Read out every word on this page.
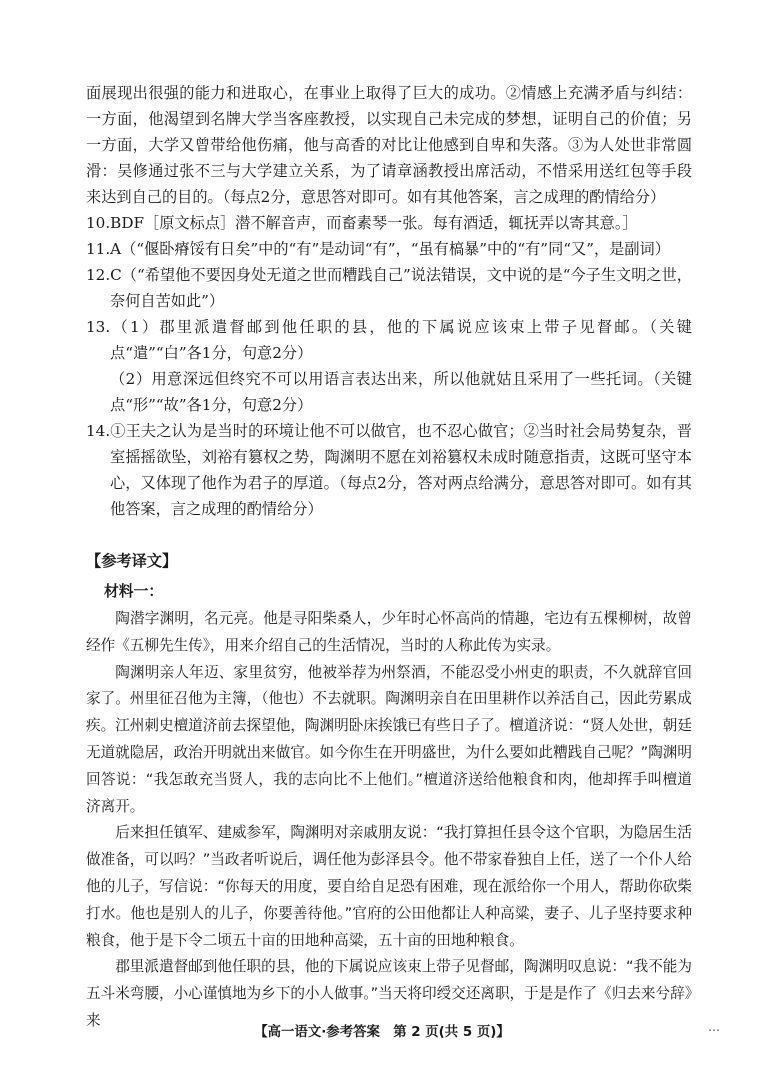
面展现出很强的能力和进取心，在事业上取得了巨大的成功。②情感上充满矛盾与纠结：一方面，他渴望到名牌大学当客座教授，以实现自己未完成的梦想，证明自己的价值；另一方面，大学又曾带给他伤痛，他与高香的对比让他感到自卑和失落。③为人处世非常圆滑：吴修通过张不三与大学建立关系，为了请章涵教授出席活动，不惜采用送红包等手段来达到自己的目的。（每点2分，意思答对即可。如有其他答案，言之成理的酌情给分）

10.BDF［原文标点］潜不解音声，而畜素琴一张。每有酒适，辄抚弄以寄其意。］

11.A（“偃卧瘠馁有日矣”中的“有”是动词“有”，“虽有槁暴”中的“有”同“又”，是副词）

12.C（“希望他不要因身处无道之世而糟践自己”说法错误，文中说的是“今子生文明之世，奈何自苦如此”）

13.（1）郡里派遣督邮到他任职的县，他的下属说应该束上带子见督邮。（关键点“遣”“白”各1分，句意2分）

（2）用意深远但终究不可以用语言表达出来，所以他就姑且采用了一些托词。（关键点“形”“故”各1分，句意2分）

14.①王夫之认为是当时的环境让他不可以做官，也不忍心做官；②当时社会局势复杂，晋室摇摇欲坠，刘裕有篡权之势，陶渊明不愿在刘裕篡权未成时随意指责，这既可坚守本心，又体现了他作为君子的厚道。（每点2分，答对两点给满分，意思答对即可。如有其他答案，言之成理的酌情给分）

【参考译文】
材料一：

陶潜字渊明，名元亮。他是寻阳柴桑人，少年时心怀高尚的情趣，宅边有五棵柳树，故曾经作《五柳先生传》，用来介绍自己的生活情况，当时的人称此传为实录。

陶渊明亲人年迈、家里贫穷，他被举荐为州祭酒，不能忍受小州吏的职责，不久就辞官回家了。州里征召他为主簿，（他也）不去就职。陶渊明亲自在田里耕作以养活自己，因此劳累成疾。江州刺史檀道济前去探望他，陶渊明卧床挨饿已有些日子了。檀道济说：“贤人处世，朝廷无道就隐居，政治开明就出来做官。如今你生在开明盛世，为什么要如此糟践自己呢？”陶渊明回答说：“我怎敢充当贤人，我的志向比不上他们。”檀道济送给他粮食和肉，他却挥手叫檀道济离开。

后来担任镇军、建威参军，陶渊明对亲戚朋友说：“我打算担任县令这个官职，为隐居生活做准备，可以吗？”当政者听说后，调任他为彭泽县令。他不带家眷独自上任，送了一个仆人给他的儿子，写信说：“你每天的用度，要自给自足恐有困难，现在派给你一个用人，帮助你砍柴打水。他也是别人的儿子，你要善待他。”官府的公田他都让人种高粱，妻子、儿子坚持要求种粮食，他于是下令二顷五十亩的田地种高粱，五十亩的田地种粮食。

郡里派遣督邮到他任职的县，他的下属说应该束上带子见督邮，陶渊明叹息说：“我不能为五斗米弯腰，小心谨慎地为乡下的小人做事。”当天将印绶交还离职，于是是作了《归去来兮辞》来

【高一语文·参考答案　第 2 页(共 5 页)】	…
